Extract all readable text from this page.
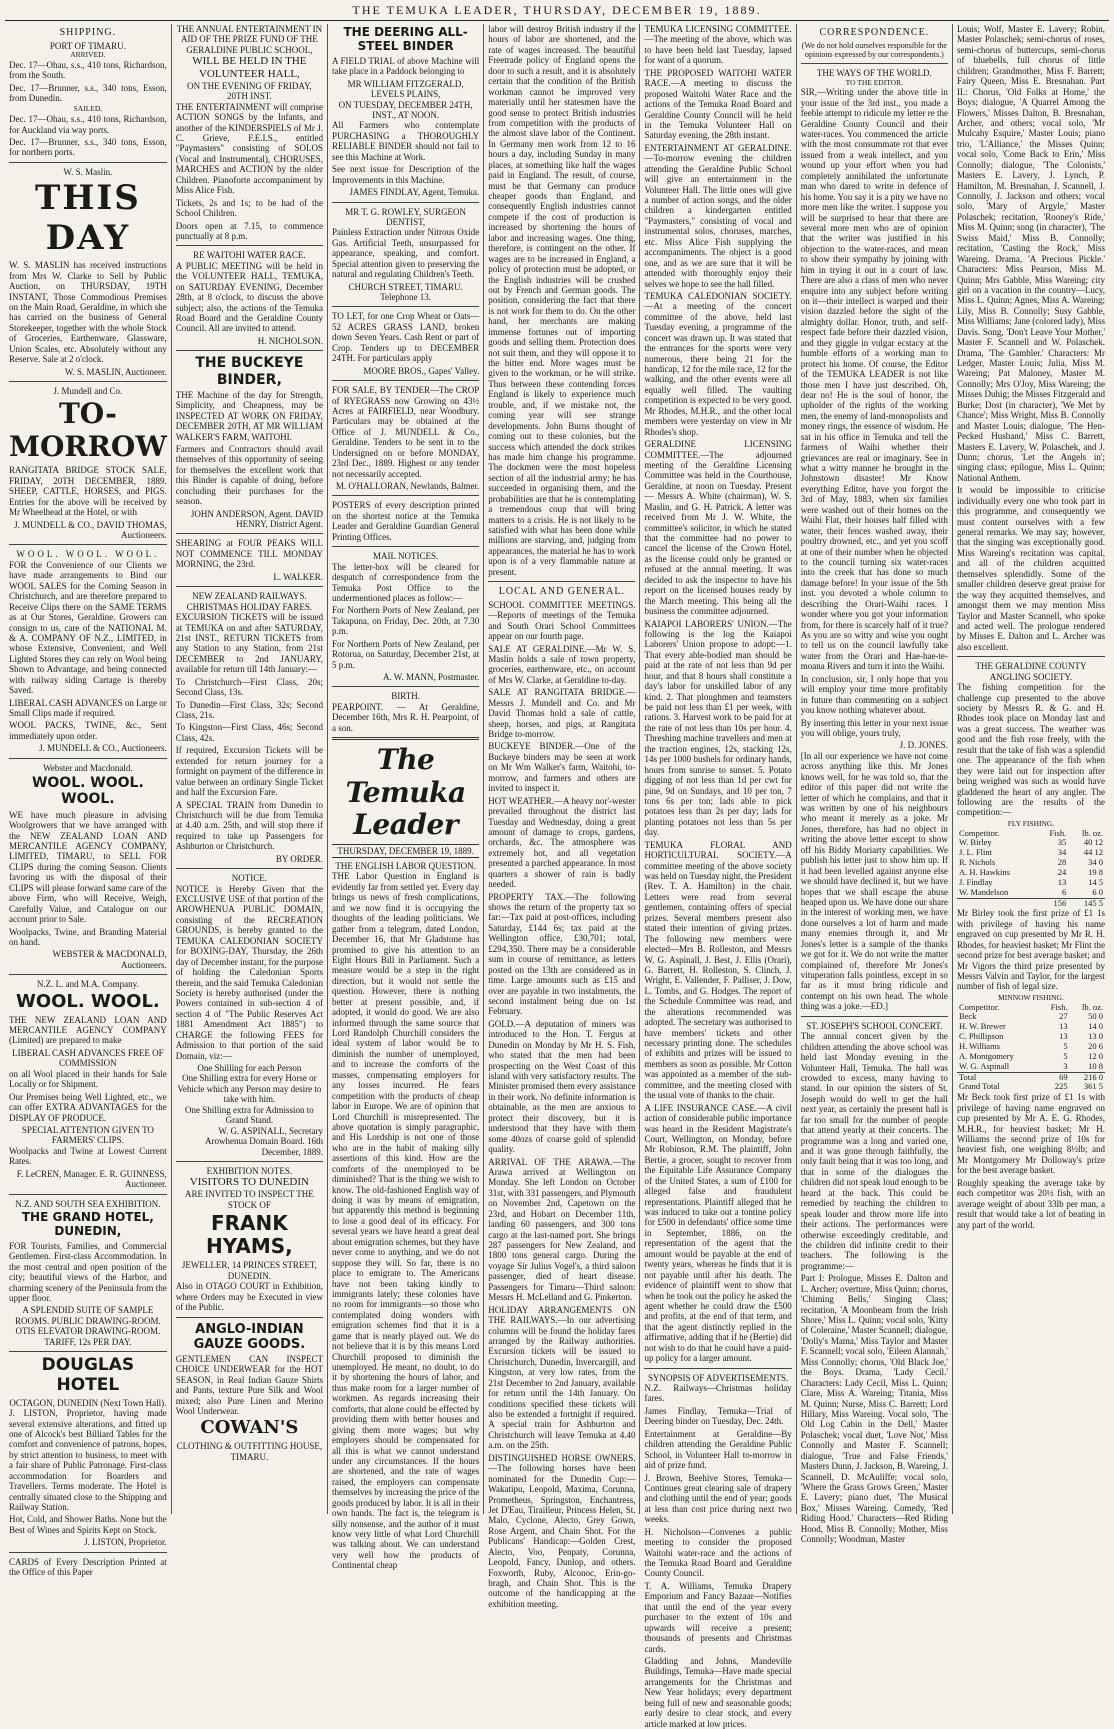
THE TEMUKA LEADER, THURSDAY, DECEMBER 19, 1889.
SHIPPING.
PORT OF TIMARU.
ARRIVED.

Dec. 17—Ohau, s.s., 410 tons, Richardson, from the South.

Dec. 17—Brunner, s.s., 340 tons, Esson, from Dunedin.

SAILED.

Dec. 17—Ohau, s.s., 410 tons, Richardson, for Auckland via way ports.

Dec. 17—Brunner, s.s., 340 tons, Esson, for northern ports.

W. S. Maslin.
THIS DAY

W. S. MASLIN has received instructions from Mrs W. Clarke to Sell by Public Auction, on THURSDAY, 19TH INSTANT, Those Commodious Premises on the Main Road, Geraldine, in which she has carried on the business of General Storekeeper, together with the whole Stock of Groceries, Earthenware, Glassware, Union Scales, etc. Absolutely without any Reserve. Sale at 2 o'clock.

W. S. MASLIN, Auctioneer.
J. Mundell and Co.
TO-MORROW

RANGITATA BRIDGE STOCK SALE, FRIDAY, 20TH DECEMBER, 1889. SHEEP, CATTLE, HORSES, and PIGS. Entries for the above will be received by Mr Wheelhead at the Hotel, or with

J. MUNDELL & CO., DAVID THOMAS, Auctioneers.
WOOL. WOOL. WOOL.

FOR the Convenience of our Clients we have made arrangements to Bind our WOOL SALES for the Coming Season in Christchurch, and are therefore prepared to Receive Clips there on the SAME TERMS as at Our Stores, Geraldine. Growers can consign to us, care of the NATIONAL M. & A. COMPANY OF N.Z., LIMITED, in whose Extensive, Convenient, and Well Lighted Stores they can rely on Wool being Shown to Advantage, and being connected with railway siding Cartage is thereby Saved.

LIBERAL CASH ADVANCES on Large or Small Clips made if required.

WOOL PACKS, TWINE, &c., Sent immediately upon order.

J. MUNDELL & CO., Auctioneers.
Webster and Macdonald.
WOOL. WOOL. WOOL.

WE have much pleasure in advising Woolgrowers that we have arranged with the NEW ZEALAND LOAN AND MERCANTILE AGENCY COMPANY, LIMITED, TIMARU, to SELL FOR CLIPS during the coming Season. Clients favoring us with the disposal of their CLIPS will please forward same care of the above Firm, who will Receive, Weigh, Carefully Value, and Catalogue on our account prior to Sale.

Woolpacks, Twine, and Branding Material on hand.

WEBSTER & MACDONALD, Auctioneers.
N.Z. L. and M.A. Company.
WOOL. WOOL.

THE NEW ZEALAND LOAN AND MERCANTILE AGENCY COMPANY (Limited) are prepared to make

LIBERAL CASH ADVANCES FREE OF COMMISSION

on all Wool placed in their hands for Sale Locally or for Shipment.

Our Premises being Well Lighted, etc., we can offer EXTRA ADVANTAGES for the DISPLAY OF PRODUCE.

SPECIAL ATTENTION GIVEN TO FARMERS' CLIPS.

Woolpacks and Twine at Lowest Current Rates.

F. LeCREN, Manager. E. R. GUINNESS, Auctioneer.
N.Z. AND SOUTH SEA EXHIBITION.
THE GRAND HOTEL, DUNEDIN,

FOR Tourists, Families, and Commercial Gentlemen. First-class Accommodation. In the most central and open position of the city; beautiful views of the Harbor, and charming scenery of the Peninsula from the upper floor.

A SPLENDID SUITE OF SAMPLE ROOMS. PUBLIC DRAWING-ROOM. OTIS ELEVATOR DRAWING-ROOM.
TARIFF, 12s PER DAY.
DOUGLAS HOTEL
OCTAGON, DUNEDIN (Next Town Hall).

J. LISTON, Proprietor, having made several extensive alterations, and fitted up one of Alcock's best Billiard Tables for the comfort and convenience of patrons, hopes, by strict attention to business, to meet with a fair share of Public Patronage. First-class accommodation for Boarders and Travellers. Terms moderate. The Hotel is centrally situated close to the Shipping and Railway Station.

Hot, Cold, and Shower Baths. None but the Best of Wines and Spirits Kept on Stock.

J. LISTON, Proprietor.

CARDS of Every Description Printed at the Office of this Paper

THE ANNUAL ENTERTAINMENT IN AID OF THE PRIZE FUND OF THE GERALDINE PUBLIC SCHOOL,
WILL BE HELD IN THE VOLUNTEER HALL,
ON THE EVENING OF FRIDAY, 20TH INST.

THE ENTERTAINMENT will comprise ACTION SONGS by the Infants, and another of the KINDERSPIELS of Mr J. C. Grieve, F.E.I.S., entitled "Paymasters" consisting of SOLOS (Vocal and Instrumental), CHORUSES, MARCHES and ACTION by the older Children. Pianoforte accompaniment by Miss Alice Fish.

Tickets, 2s and 1s; to be had of the School Children.

Doors open at 7.15, to commence punctually at 8 p.m.

RE WAITOHI WATER RACE.

A PUBLIC MEETING will be held in the VOLUNTEER HALL, TEMUKA, on SATURDAY EVENING, December 28th, at 8 o'clock, to discuss the above subject; also, the actions of the Temuka Road Board and the Geraldine County Council. All are invited to attend.

H. NICHOLSON.
THE BUCKEYE BINDER,

THE Machine of the day for Strength, Simplicity, and Cheapness, may be INSPECTED AT WORK ON FRIDAY, DECEMBER 20TH, AT MR WILLIAM WALKER'S FARM, WAITOHI.

Farmers and Contractors should avail themselves of this opportunity of seeing for themselves the excellent work that this Binder is capable of doing, before concluding their purchases for the season.

JOHN ANDERSON, Agent. DAVID HENRY, District Agent.

SHEARING at FOUR PEAKS WILL NOT COMMENCE TILL MONDAY MORNING, the 23rd.

L. WALKER.
NEW ZEALAND RAILWAYS.
CHRISTMAS HOLIDAY FARES.

EXCURSION TICKETS will be issued at TEMUKA on and after SATURDAY, 21st INST., RETURN TICKETS from any Station to any Station, from 21st DECEMBER to 2nd JANUARY, available for return till 14th January:—

To Christchurch—First Class, 20s; Second Class, 13s.

To Dunedin—First Class, 32s; Second Class, 21s.

To Kingston—First Class, 46s; Second Class, 42s.

If required, Excursion Tickets will be extended for return journey for a fortnight on payment of the difference in value between an ordinary Single Ticket and half the Excursion Fare.

A SPECIAL TRAIN from Dunedin to Christchurch will be due from Temuka at 4.40 a.m. 25th, and will stop there if required to take up Passengers for Ashburton or Christchurch.

BY ORDER.
NOTICE.

NOTICE is Hereby Given that the EXCLUSIVE USE of that portion of the AROWHENUA PUBLIC DOMAIN, consisting of the RECREATION GROUNDS, is hereby granted to the TEMUKA CALEDONIAN SOCIETY for BOXING-DAY, Thursday, the 26th day of December instant, for the purpose of holding the Caledonian Sports therein, and the said Temuka Caledonian Society is hereby authorised (under the Powers contained in sub-section 4 of section 4 of "The Public Reserves Act 1881 Amendment Act 1885") to CHARGE the following FEES for Admission to that portion of the said Domain, viz:—

One Shilling for each Person
One Shilling extra for every Horse or Vehicle which any Person may desire to take with him.
One Shilling extra for Admission to Grand Stand.
W. G. ASPINALL, Secretary Arowhenua Domain Board. 16th December, 1889.
EXHIBITION NOTES.
VISITORS TO DUNEDIN
ARE INVITED TO INSPECT THE STOCK OF
FRANK HYAMS,
JEWELLER, 14 PRINCES STREET, DUNEDIN.

Also in OTAGO COURT in Exhibition, where Orders may be Executed in view of the Public.

ANGLO-INDIAN GAUZE GOODS.

GENTLEMEN CAN INSPECT CHOICE UNDERWEAR for the HOT SEASON, in Real Indian Gauze Shirts and Pants, texture Pure Silk and Wool mixed; also Pure Linen and Merino Wool Underwear.

COWAN'S
CLOTHING & OUTFITTING HOUSE, TIMARU.
THE DEERING ALL-STEEL BINDER

A FIELD TRIAL of above Machine will take place in a Paddock belonging to

MR WILLIAM FITZGERALD, LEVELS PLAINS,
ON TUESDAY, DECEMBER 24TH, INST., AT NOON.

All Farmers who contemplate PURCHASING a THOROUGHLY RELIABLE BINDER should not fail to see this Machine at Work.

See next issue for Description of the Improvements in this Machine.

JAMES FINDLAY, Agent, Temuka.
MR T. G. ROWLEY, SURGEON DENTIST,

Painless Extraction under Nitrous Oxide Gas. Artificial Teeth, unsurpassed for appearance, speaking, and comfort. Special attention given to preserving the natural and regulating Children's Teeth.

CHURCH STREET, TIMARU. Telephone 13.

TO LET, for one Crop Wheat or Oats—52 ACRES GRASS LAND, broken down Seven Years. Cash Rent or part of Crop. Tenders up to DECEMBER 24TH. For particulars apply

MOORE BROS., Gapes' Valley.

FOR SALE, BY TENDER—The CROP of RYEGRASS now Growing on 43½ Acres at FAIRFIELD, near Woodbury. Particulars may be obtained at the Office of J. MUNDELL & Co., Geraldine. Tenders to be sent in to the Undersigned on or before MONDAY, 23rd Dec., 1889. Highest or any tender not necessarily accepted.

M. O'HALLORAN, Newlands, Balmer.

POSTERS of every description printed on the shortest notice at the Temuka Leader and Geraldine Guardian General Printing Offices.

MAIL NOTICES.

The letter-box will be cleared for despatch of correspondence from the Temuka Post Office to the undermentioned places as follow:—

For Northern Ports of New Zealand, per Takapuna, on Friday, Dec. 20th, at 7.30 p.m.

For Northern Ports of New Zealand, per Rotorua, on Saturday, December 21st, at 5 p.m.

A. W. MANN, Postmaster.
BIRTH.

PEARPOINT. — At Geraldine, December 16th, Mrs R. H. Pearpoint, of a son.

The Temuka Leader
THURSDAY, DECEMBER 19, 1889.
THE ENGLISH LABOR QUESTION.

THE Labor Question in England is evidently far from settled yet. Every day brings us news of fresh complications, and we now find it is occupying the thoughts of the leading politicians. We gather from a telegram, dated London, December 16, that Mr Gladstone has promised to give his attention to an Eight Hours Bill in Parliament. Such a measure would be a step in the right direction, but it would not settle the question. However, there is nothing better at present possible, and, if adopted, it would do good. We are also informed through the same source that Lord Randolph Churchill considers the ideal system of labor would be to diminish the number of unemployed, and to increase the comforts of the masses, compensating employers for any losses incurred. He fears competition with the products of cheap labor in Europe. We are of opinion that Lord Churchill is misrepresented. The above quotation is simply paragraphic, and His Lordship is not one of those who are in the habit of making silly assertions of this kind. How are the comforts of the unemployed to be diminished? That is the thing we wish to know. The old-fashioned English way of doing it was by means of emigration, but apparently this method is beginning to lose a good deal of its efficacy. For several years we have heard a great deal about emigration schemes, but they have never come to anything, and we do not suppose they will. So far, there is no place to emigrate to. The Americans have not been taking kindly to immigrants lately; these colonies have no room for immigrants—so those who contemplated doing wonders with emigration schemes find that it is a game that is nearly played out. We do not believe that it is by this means Lord Churchill proposed to diminish the unemployed. He meant, no doubt, to do it by shortening the hours of labor, and thus make room for a larger number of workmen. As regards increasing their comforts, that alone could be effected by providing them with better houses and giving them more wages; but why employers should be compensated for all this is what we cannot understand under any circumstances. If the hours are shortened, and the rate of wages raised, the employers can compensate themselves by increasing the price of the goods produced by labor. It is all in their own hands. The fact is, the telegram is silly nonsense, and the author of it must know very little of what Lord Churchill was talking about. We can understand very well how the products of Continental cheap

labor will destroy British industry if the hours of labor are shortened, and the rate of wages increased. The beautiful Freetrade policy of England opens the door to such a result, and it is absolutely certain that the condition of the British workman cannot be improved very materially until her statesmen have the good sense to protect British industries from competition with the products of the almost slave labor of the Continent. In Germany men work from 12 to 16 hours a day, including Sunday in many places, at something like half the wages paid in England. The result, of course, must be that Germany can produce cheaper goods than England, and consequently English industries cannot compete if the cost of production is increased by shortening the hours of labor and increasing wages. One thing, therefore, is contingent on the other. If wages are to be increased in England, a policy of protection must be adopted, or the English industries will be crushed out by French and German goods. The position, considering the fact that there is not work for them to do. On the other hand, her merchants are making immense fortunes out of importing goods and selling them. Protection does not suit them, and they will oppose it to the bitter end. More wages must be given to the workman, or he will strike. Thus between these contending forces England is likely to experience much trouble, and, if we mistake not, the coming year will see strange developments. John Burns thought of coming out to these colonies, but the success which attended the dock strikes has made him change his programme. The dockmen were the most hopeless section of all the industrial army; he has succeeded in organising them, and the probabilities are that he is contemplating a tremendous coup that will bring matters to a crisis. He is not likely to be satisfied with what has been done while millions are starving, and, judging from appearances, the material he has to work upon is of a very flammable nature at present.

LOCAL AND GENERAL.

SCHOOL COMMITTEE MEETINGS.—Reports of meetings of the Temuka and South Orari School Committees appear on our fourth page.

SALE AT GERALDINE.—Mr W. S. Maslin holds a sale of town property, groceries, earthenware, etc., on account of Mrs W. Clarke, at Geraldine to-day.

SALE AT RANGITATA BRIDGE.—Messrs J. Mundell and Co. and Mr David Thomas hold a sale of cattle, sheep, horses, and pigs, at Rangitata Bridge to-morrow.

BUCKEYE BINDER.—One of the Buckeye binders may be seen at work on Mr Wm Walker's farm, Waitohi, to-morrow, and farmers and others are invited to inspect it.

HOT WEATHER.—A heavy nor'-wester prevailed throughout the district last Tuesday and Wednesday, doing a great amount of damage to crops, gardens, orchards, &c. The atmosphere was extremely hot, and all vegetation presented a parched appearance. In most quarters a shower of rain is badly needed.

PROPERTY TAX.—The following shows the return of the property tax so far:—Tax paid at post-offices, including Saturday, £144 6s; tax paid at the Wellington office, £30,701; total, £294,350. There may be a considerable sum in course of remittance, as letters posted on the 13th are considered as in time. Large amounts such as £15 and over are payable in two instalments, the second instalment being due on 1st February.

GOLD.—A deputation of miners was introduced to the Hon. T. Fergus at Dunedin on Monday by Mr H. S. Fish, who stated that the men had been prospecting on the West Coast of this island with very satisfactory results. The Minister promised them every assistance in their work. No definite information is obtainable, as the men are anxious to protect their discovery, but it is understood that they have with them some 40ozs of coarse gold of splendid quality.

ARRIVAL OF THE ARAWA.—The Arawa arrived at Wellington on Monday. She left London on October 31st, with 331 passengers, and Plymouth on November 2nd, Capetown on the 23rd, and Hobart on December 11th, landing 60 passengers, and 300 tons cargo at the last-named port. She brings 287 passengers for New Zealand, and 1800 tons general cargo. During the voyage Sir Julius Vogel's, a third saloon passenger, died of heart disease. Passengers for Timaru—Third saloon: Messrs H. McLelland and G. Pinkerton.

HOLIDAY ARRANGEMENTS ON THE RAILWAYS.—In our advertising columns will be found the holiday fares arranged by the Railway authorities. Excursion tickets will be issued to Christchurch, Dunedin, Invercargill, and Kingston, at very low rates, from the 21st December to 2nd January, available for return until the 14th January. On conditions specified these tickets will also be extended a fortnight if required. A special train for Ashburton and Christchurch will leave Temuka at 4.40 a.m. on the 25th.

DISTINGUISHED HORSE OWNERS.—The following horses have been nominated for the Dunedin Cup:—Wakatipu, Leopold, Maxima, Corunna, Prometheus, Springston, Enchantress, Jet D'Eau, Tirailleur, Princess Helen, St. Malo, Cyclone, Alecto, Grey Gown, Rose Argent, and Chain Shot. For the Publicans' Handicap:—Golden Crest, Alecto, Voo, Penpaty, Corunna, Leopold, Fancy, Dunlop, and others. Foxworth, Ruby, Alconoc, Erin-go-bragh, and Chain Shot. This is the outcome of the handicapping at the exhibition meeting.

TEMUKA LICENSING COMMITTEE.—The meeting of the above, which was to have been held last Tuesday, lapsed for want of a quorum.

THE PROPOSED WAITOHI WATER RACE.—A meeting to discuss the proposed Waitohi Water Race and the actions of the Temuka Road Board and Geraldine County Council will be held in the Temuka Volunteer Hall on Saturday evening, the 28th instant.

ENTERTAINMENT AT GERALDINE.—To-morrow evening the children attending the Geraldine Public School will give an entertainment in the Volunteer Hall. The little ones will give a number of action songs, and the older children a kindergarten entitled "Paymasters," consisting of vocal and instrumental solos, choruses, marches, etc. Miss Alice Fish supplying the accompaniments. The object is a good one, and as we are sure that it will be attended with thoroughly enjoy their selves we hope to see the hall filled.

TEMUKA CALEDONIAN SOCIETY.—At a meeting of the concert committee of the above, held last Tuesday evening, a programme of the concert was drawn up. It was stated that the entrances for the sports were very numerous, there being 21 for the handicap, 12 for the mile race, 12 for the walking, and the other events were all equally well filled. The vaulting competition is expected to be very good. Mr Rhodes, M.H.R., and the other local members were yesterday on view in Mr Rhodes's shop.

GERALDINE LICENSING COMMITTEE.—The adjourned meeting of the Geraldine Licensing Committee was held in the Courthouse, Geraldine, at noon on Tuesday. Present — Messrs A. White (chairman), W. S. Maslin, and G. H. Patrick. A letter was received from Mr J. W. White, the committee's solicitor, in which he stated that the committee had no power to cancel the license of the Crown Hotel, as the license could only be granted or refused at the annual meeting. It was decided to ask the inspector to have his report on the licensed houses ready by the March meeting. This being all the business the committee adjourned.

KAIAPOI LABORERS' UNION.—The following is the log the Kaiapoi Laborers' Union propose to adopt:—1. That every able-bodied man should be paid at the rate of not less than 9d per hour, and that 8 hours shall constitute a day's labor for unskilled labor of any kind. 2. That ploughmen and teamsters be paid not less than £1 per week, with rations. 3. Harvest work to be paid for at the rate of not less than 10s per hour. 4. Threshing machine travellers and men at the traction engines, 12s, stacking 12s, 14s per 1000 bushels for ordinary hands, hours from sunrise to sunset. 5. Potato digging of not less than 1d per cwt for pine, 9d on Sundays, and 10 per ton, 7 tons 6s per ton; lads able to pick potatoes less than 2s per day; lads for planting potatoes not less than 5s per day.

TEMUKA FLORAL AND HORTICULTURAL SOCIETY.—A committee meeting of the above society was held on Tuesday night, the President (Rev. T. A. Hamilton) in the chair. Letters were read from several gentlemen, containing offers of special prizes. Several members present also stated their intention of giving prizes. The following new members were elected—Mrs B. Rolleston, and Messrs W. G. Aspinall, J. Best, J. Ellis (Orari), G. Barrett, H. Rolleston, S. Clinch, J. Wright, E. Vallender, F. Palliser, J. Dow, L. Tombs, and G. Hodges. The report of the Schedule Committee was read, and the alterations recommended was adopted. The secretary was authorised to have members' tickets and other necessary printing done. The schedules of exhibits and prizes will be issued to members as soon as possible. Mr Cotton was appointed as a member of the sub-committee, and the meeting closed with the usual vote of thanks to the chair.

A LIFE INSURANCE CASE.—A civil action of considerable public importance was heard in the Resident Magistrate's Court, Wellington, on Monday, before Mr Robinson, R.M. The plaintiff, John Bertie, a grocer, sought to recover from the Equitable Life Assurance Company of the United States, a sum of £100 for alleged false and fraudulent representations. Plaintiff alleged that he was induced to take out a tontine policy for £500 in defendants' office some time in September, 1886, on the representation of the agent that the amount would be payable at the end of twenty years, whereas he finds that it is not payable until after his death. The evidence of plaintiff went to show that when he took out the policy he asked the agent whether he could draw the £500 and profits, at the end of that term, and that the agent distinctly replied in the affirmative, adding that if he (Bertie) did not wish to do that he could have a paid-up policy for a larger amount.

SYNOPSIS OF ADVERTISEMENTS.

N.Z. Railways—Christmas holiday fares.

James Findlay, Temuka—Trial of Deering binder on Tuesday, Dec. 24th.

Entertainment at Geraldine—By children attending the Geraldine Public School, in Volunteer Hall to-morrow in aid of prize fund.

J. Brown, Beehive Stores, Temuka—Continues great clearing sale of drapery and clothing until the end of year; goods at less than cost price during next two weeks.

H. Nicholson—Convenes a public meeting to consider the proposed Waitohi water-race and the actions of the Temuka Road Board and Geraldine County Council.

T. A. Williams, Temuka Drapery Emporium and Fancy Bazaar—Notifies that until the end of the year every purchaser to the extent of 10s and upwards will receive a present; thousands of presents and Christmas cards.

Gladding and Johns, Mandeville Buildings, Temuka—Have made special arrangements for the Christmas and New Year holidays; every department being full of new and seasonable goods; early desire to clear stock, and every article marked at low prices.

CORRESPONDENCE.
(We do not hold ourselves responsible for the opinions expressed by our correspondents.)
THE WAYS OF THE WORLD.
TO THE EDITOR.

SIR,—Writing under the above title in your issue of the 3rd inst., you made a feeble attempt to ridicule my letter re the Geraldine County Council and their water-races. You commenced the article with the most consummate rot that ever issued from a weak intellect, and you wound up your effort when you had completely annihilated the unfortunate man who dared to write in defence of his home. You say it is a pity we have no more men like the writer. I suppose you will be surprised to hear that there are several more men who are of opinion that the writer was justified in his objection to the water-races, and mean to show their sympathy by joining with him in trying it out in a court of law. There are also a class of men who never enquire into any subject before writing on it—their intellect is warped and their vision dazzled before the sight of the almighty dollar. Honor, truth, and self-respect fade before their dazzled vision, and they giggle in vulgar ecstacy at the humble efforts of a working man to protect his home. Of course, the Editor of the TEMUKA LEADER is not like those men I have just described. Oh, dear no! He is the soul of honor, the upholder of the rights of the working men, the enemy of land-monopolists and money rings, the essence of wisdom. He sat in his office in Temuka and tell the farmers of Waihi whether their grievances are real or imaginary. See in what a witty manner he brought in the Johnstown disaster! Mr Know everything Editor, have you forgot the 3rd of May, 1883, when six families were washed out of their homes on the Waihi Flat, their houses half filled with water, their fences washed away, their poultry drowned, etc., and yet you scoff at one of their number when he objected to the council turning six water-races into the creek that has done so much damage before! In your issue of the 5th inst. you devoted a whole column to describing the Orari-Waihi races. I wonder where you got your information from, for there is scarcely half of it true? As you are so witty and wise you ought to tell us on the council lawfully take water from the Orari and Hae-hae-te-moana Rivers and turn it into the Waihi.

In conclusion, sir, I only hope that you will employ your time more profitably in future than commenting on a subject you know nothing whatever about.

By inserting this letter in your next issue you will oblige, yours truly,

J. D. JONES.

[In all our experience we have not come across anything like this. Mr Jones knows well, for he was told so, that the editor of this paper did not write the letter of which he complains, and that it was written by one of his neighbours who meant it merely as a joke. Mr Jones, therefore, has had no object in writing the above letter except to show off his Biddy Moriarty capabilities. We publish his letter just to show him up. If it had been levelled against anyone else we should have declined it, but we have hopes that we shall escape the abuse heaped upon us. We have done our share in the interest of working men, we have done ourselves a lot of harm and made many enemies through it, and Mr Jones's letter is a sample of the thanks we got for it. We do not write the matter complained of, therefore Mr Jones's vituperation falls pointless, except in so far as it must bring ridicule and contempt on his own head. The whole thing was a joke.—ED.]

ST. JOSEPH'S SCHOOL CONCERT.

The annual concert given by the children attending the above school was held last Monday evening in the Volunteer Hall, Temuka. The hall was crowded to excess, many having to stand. In our opinion the sisters of St. Joseph would do well to get the hall next year, as certainly the present hall is far too small for the number of people that attend yearly at their concerts. The programme was a long and varied one, and it was gone through faithfully, the only fault being that it was too long, and that in some of the dialogues the children did not speak loud enough to be heard at the back. This could be remedied by teaching the children to speak louder and throw more life into their actions. The performances were otherwise exceedingly creditable, and the children did infinite credit to their teachers. The following is the programme:—

Part I: Prologue, Misses E. Dalton and L. Archer; overture, Miss Quinn; chorus, 'Chiming Bells,' Singing Class; recitation, 'A Moonbeam from the Irish Shore,' Miss L. Quinn; vocal solo, 'Kitty of Coleraine,' Master Scannell; dialogue, 'Dolly's Mama,' Miss Taylor and Master F. Scannell; vocal solo, 'Eileen Alannah,' Miss Connolly; chorus, 'Old Black Joe,' the Boys. Drama, 'Lady Cecil.' Characters: Lady Cecil, Miss L. Quinn; Clare, Miss A. Wareing; Titania, Miss M. Quinn; Nurse, Miss C. Barrett; Lord Hillary, Miss Wareing. Vocal solo, 'The Old Log Cabin in the Dell,' Master Polaschek; vocal duet, 'Love Not,' Miss Connolly and Master F. Scannell; dialogue, 'True and False Friends,' Masters Dunn, J. Jackson, B. Wareing, J. Scannell, D. McAuliffe; vocal solo, 'Where the Grass Grows Green,' Master E. Lavery; piano duet, 'The Musical Box,' Misses Wareing. Comedy, 'Red Riding Hood.' Characters—Red Riding Hood, Miss B. Connolly; Mother, Miss Connolly; Woodman, Master

Louis; Wolf, Master E. Lavery; Robin, Master Polaschek; semi-chorus of roses, semi-chorus of buttercups, semi-chorus of bluebells, full chorus of little children; Grandmother, Miss F. Barrett; Fairy Queen, Miss E. Bresnahan. Part II.: Chorus, 'Old Folks at Home,' the Boys; dialogue, 'A Quarrel Among the Flowers,' Misses Dalton, B. Bresnahan, Archer, and others; vocal solo, 'Mr Mulcahy Esquire,' Master Louis; piano trio, 'L'Alliance,' the Misses Quinn; vocal solo, 'Come Back to Erin,' Miss Connolly; dialogue, 'The Colonists,' Masters E. Lavery, J. Lynch, P. Hamilton, M. Bresnahan, J. Scannell, J. Connolly, J. Jackson and others; vocal solo, 'Mary of Argyle,' Master Polaschek; recitation, 'Rooney's Ride,' Miss M. Quinn; song (in character), 'The Swiss Maid,' Miss B. Connolly; recitation, 'Casting the Rock,' Miss Wareing. Drama, 'A Precious Pickle.' Characters: Miss Pearson, Miss M. Quinn; Mrs Gabble, Miss Wareing; city girl on a vacation in the country—Lucy, Miss L. Quinn; Agnes, Miss A. Wareing; Lily, Miss B. Connolly; Susy Gabble, Miss Williams; Jane (colored lady), Miss Davis. Song, 'Don't Leave Your Mother,' Master F. Scannell and W. Polaschek. Drama, 'The Gambler.' Characters: Mr Ledger, Master Louis; Julia, Miss M. Wareing; Pat Maloney, Master M. Connolly; Mrs O'Joy, Miss Wareing; the Misses Duhig; the Misses Fitzgerald and Burke; Dost (in character), 'We Met by Chance'; Miss Wright, Miss B. Connolly and Master Louis; dialogue, 'The Hen-Pecked Husband,' Miss C. Barrett, Masters E. Lavery, W. Polaschek, and J. Dunn; chorus, 'Let the Angels in'; singing class; epilogue, Miss L. Quinn; National Anthem.

It would be impossible to criticise individually every one who took part in this programme, and consequently we must content ourselves with a few general remarks. We may say, however, that the singing was exceptionally good. Miss Wareing's recitation was capital, and all of the children acquitted themselves splendidly. Some of the smaller children deserve great praise for the way they acquitted themselves, and amongst them we may mention Miss Taylor and Master Scannell, who spoke and acted well. The prologue rendered by Misses E. Dalton and L. Archer was also excellent.

THE GERALDINE COUNTY ANGLING SOCIETY.

The fishing competition for the challenge cup presented to the above society by Messrs R. & G. and H. Rhodes took place on Monday last and was a great success. The weather was good and the fish rose freely, with the result that the take of fish was a splendid one. The appearance of the fish when they were laid out for inspection after being weighed was such as would have gladdened the heart of any angler. The following are the results of the competition:—

FLY FISHING.
Competitor.	Fish.	lb. oz.
W. Birley	35	40 12
J. L. Flint	34	44 12
R. Nichols	28	34 0
A. H. Hawkins	24	19 8
J. Findlay	13	14 5
W. Mandelson	6	6 0
	156	145 5

Mr Birley took the first prize of £1 1s with privilege of having his name engraved on cup presented by Mr R. H. Rhodes, for heaviest basket; Mr Flint the second prize for best average basket; and Mr Vigors the third prize presented by Messrs Valvin and Taylor, for the largest number of fish of legal size.

MINNOW FISHING.
Competitor.	Fish.	lb. oz.
Beck	27	50 0
H. W. Brewer	13	14 0
C. Phillipson	13	13 0
H. Williams	5	20 6
A. Montgomery	5	12 0
W. G. Aspinall	3	10 8
Total	69	216 0
Grand Total	225	361 5

Mr Beck took first prize of £1 1s with privilege of having name engraved on cup presented by Mr A. E. G. Rhodes, M.H.R., for heaviest basket; Mr H. Williams the second prize of 10s for heaviest fish, one weighing 8½lb; and Mr Montgomery Mr Dolloway's prize for the best average basket.

Roughly speaking the average take by each competitor was 20½ fish, with an average weight of about 33lb per man, a result that would take a lot of beating in any part of the world.
